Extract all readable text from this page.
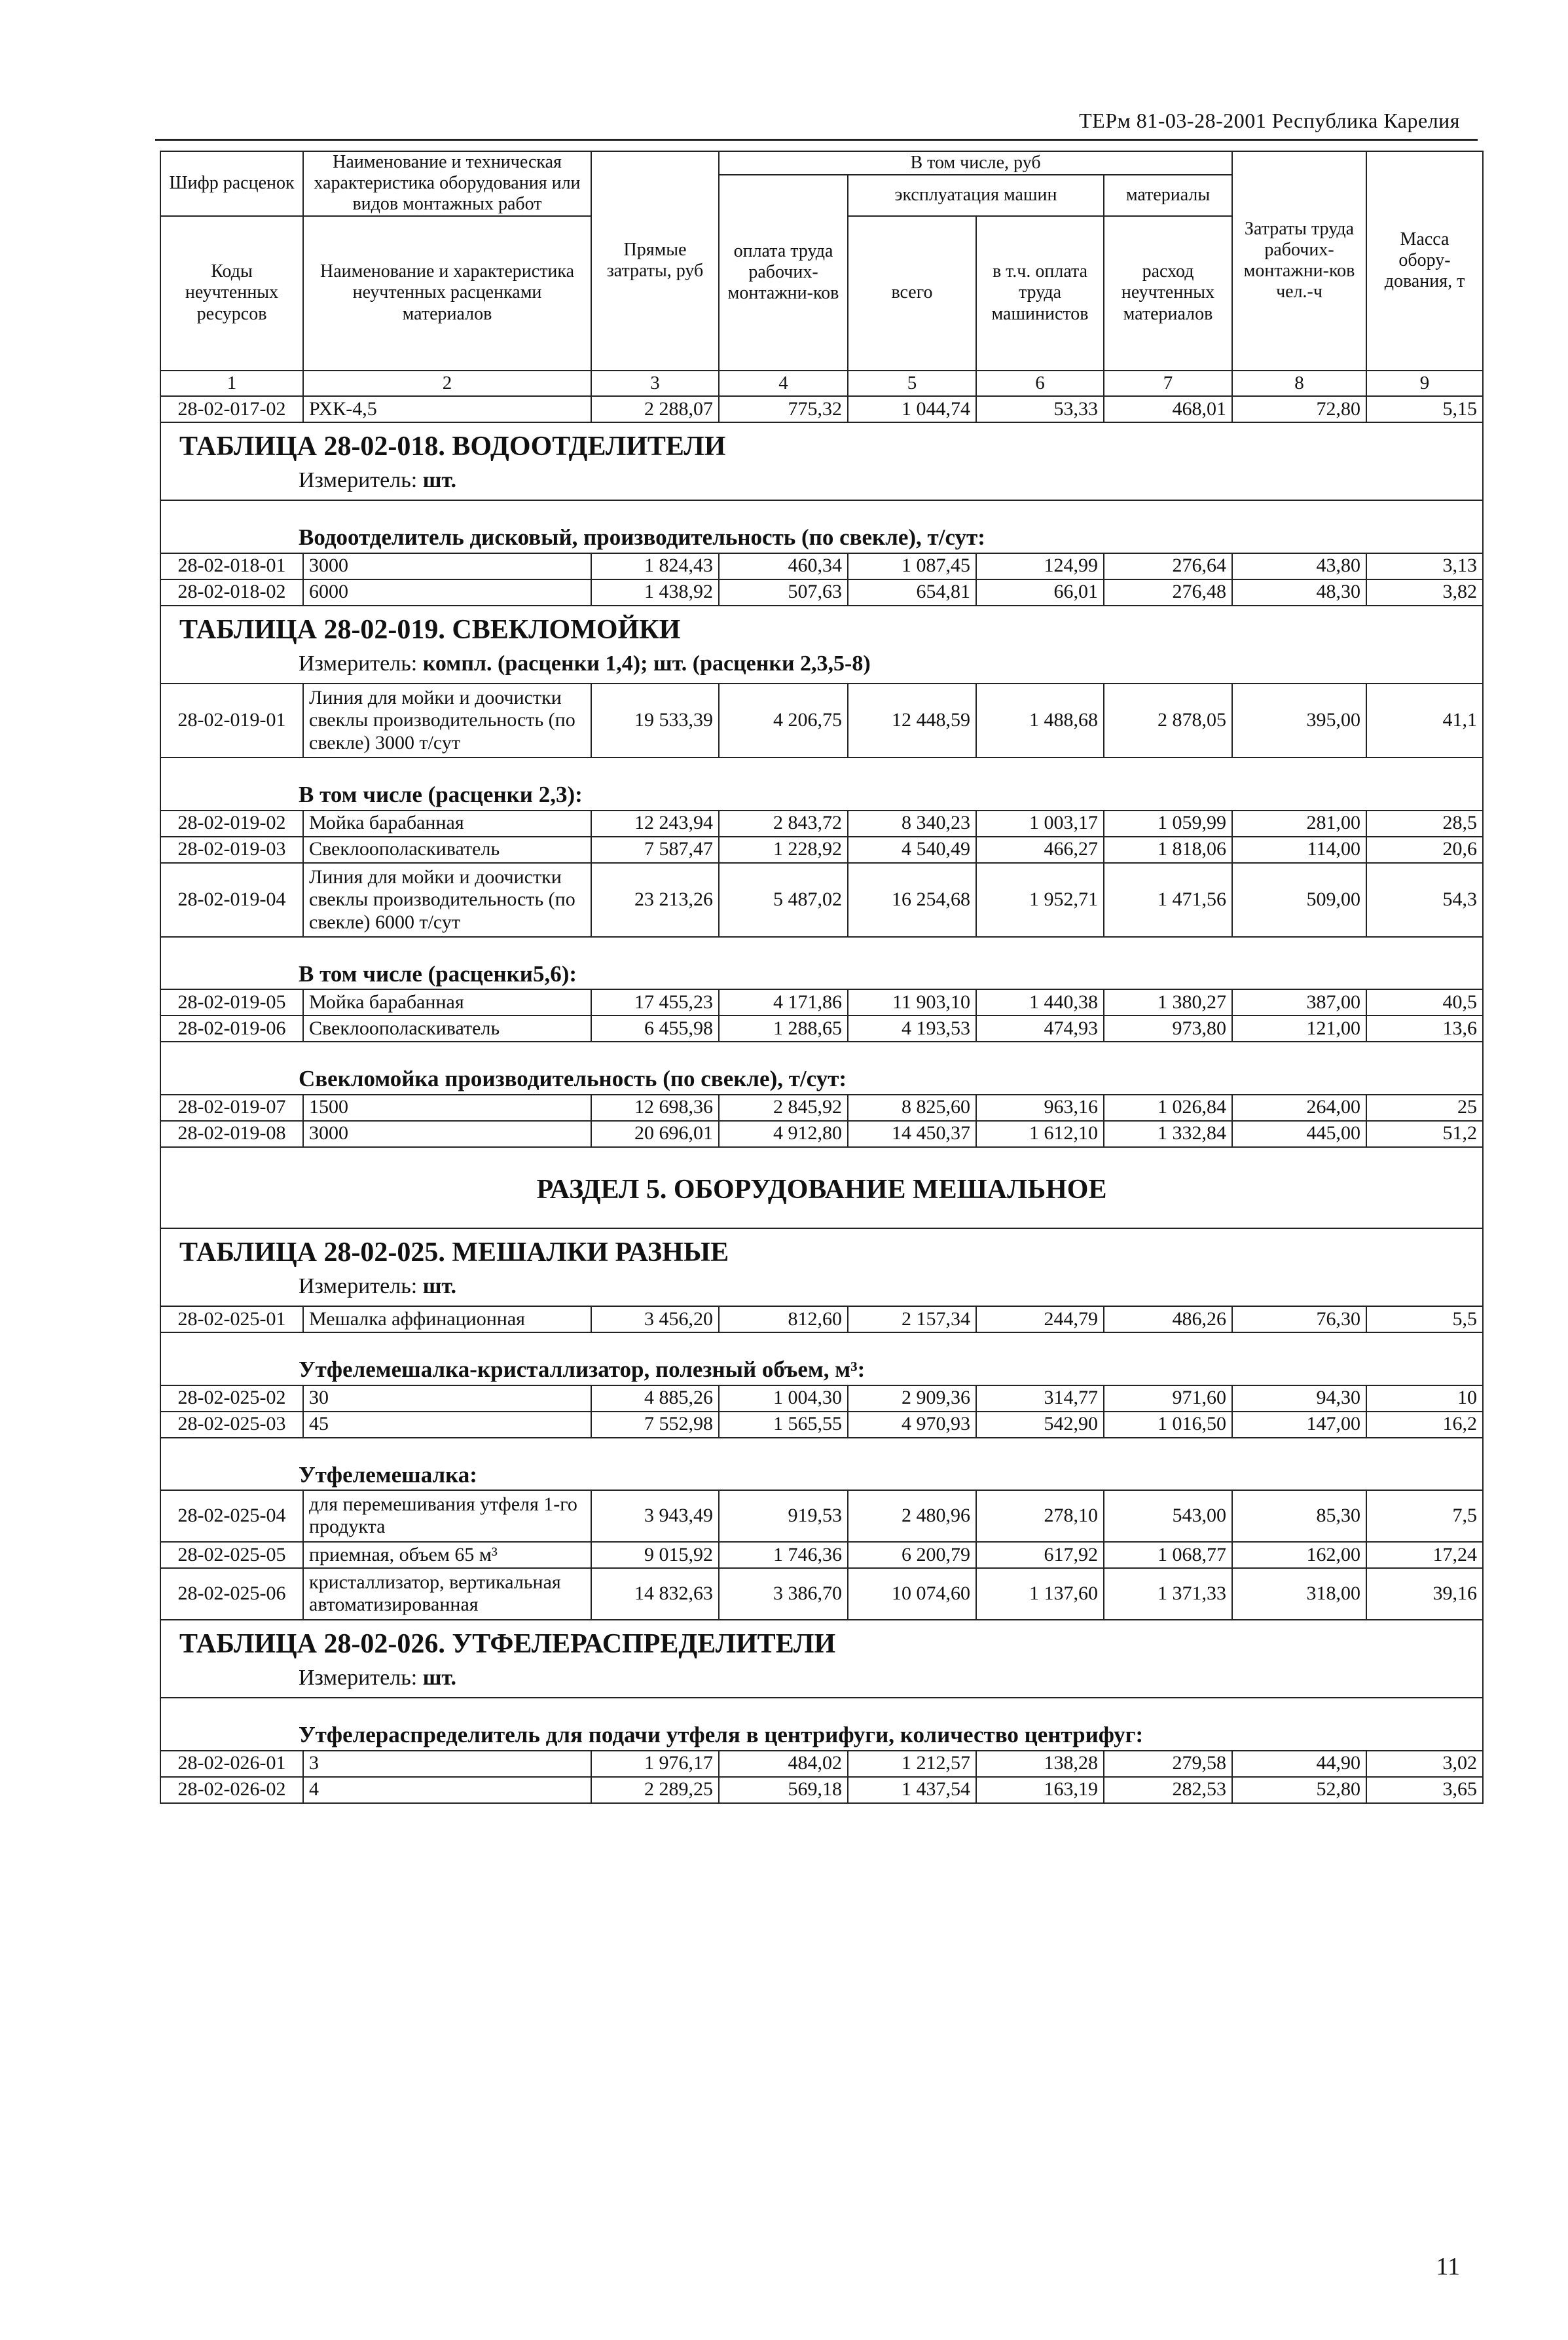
ТЕРм 81-03-28-2001 Республика Карелия
Шифр расценок	Наименование и техническая характеристика оборудования или видов монтажных работ	Прямые затраты, руб	В том числе, руб				Затраты труда рабочих-монтажни-ков чел.-ч	Масса обору-дования, т
			оплата труда рабочих-монтажни-ков	эксплуатация машин		материалы		
Коды неучтенных ресурсов	Наименование и характеристика неучтенных расценками материалов			всего	в т.ч. оплата труда машинистов	расход неучтенных материалов		

1	2	3	4	5	6	7	8	9
28-02-017-02	РХК-4,5	2 288,07	775,32	1 044,74	53,33	468,01	72,80	5,15
ТАБЛИЦА 28-02-018. ВОДООТДЕЛИТЕЛИ								
Измеритель: шт.								
Водоотделитель дисковый, производительность (по свекле), т/сут:								
28-02-018-01	3000	1 824,43	460,34	1 087,45	124,99	276,64	43,80	3,13
28-02-018-02	6000	1 438,92	507,63	654,81	66,01	276,48	48,30	3,82
ТАБЛИЦА 28-02-019. СВЕКЛОМОЙКИ								
Измеритель: компл. (расценки 1,4); шт. (расценки 2,3,5-8)								
28-02-019-01	Линия для мойки и доочистки свеклы производительность (по свекле) 3000 т/сут	19 533,39	4 206,75	12 448,59	1 488,68	2 878,05	395,00	41,1
В том числе (расценки 2,3):								
28-02-019-02	Мойка барабанная	12 243,94	2 843,72	8 340,23	1 003,17	1 059,99	281,00	28,5
28-02-019-03	Свеклоополаскиватель	7 587,47	1 228,92	4 540,49	466,27	1 818,06	114,00	20,6
28-02-019-04	Линия для мойки и доочистки свеклы производительность (по свекле) 6000 т/сут	23 213,26	5 487,02	16 254,68	1 952,71	1 471,56	509,00	54,3
В том числе (расценки5,6):								
28-02-019-05	Мойка барабанная	17 455,23	4 171,86	11 903,10	1 440,38	1 380,27	387,00	40,5
28-02-019-06	Свеклоополаскиватель	6 455,98	1 288,65	4 193,53	474,93	973,80	121,00	13,6
Свекломойка производительность (по свекле), т/сут:								
28-02-019-07	1500	12 698,36	2 845,92	8 825,60	963,16	1 026,84	264,00	25
28-02-019-08	3000	20 696,01	4 912,80	14 450,37	1 612,10	1 332,84	445,00	51,2
РАЗДЕЛ 5. ОБОРУДОВАНИЕ МЕШАЛЬНОЕ								
ТАБЛИЦА 28-02-025. МЕШАЛКИ РАЗНЫЕ								
Измеритель: шт.								
28-02-025-01	Мешалка аффинационная	3 456,20	812,60	2 157,34	244,79	486,26	76,30	5,5
Утфелемешалка-кристаллизатор, полезный объем, м³:								
28-02-025-02	30	4 885,26	1 004,30	2 909,36	314,77	971,60	94,30	10
28-02-025-03	45	7 552,98	1 565,55	4 970,93	542,90	1 016,50	147,00	16,2
Утфелемешалка:								
28-02-025-04	для перемешивания утфеля 1-го продукта	3 943,49	919,53	2 480,96	278,10	543,00	85,30	7,5
28-02-025-05	приемная, объем 65 м³	9 015,92	1 746,36	6 200,79	617,92	1 068,77	162,00	17,24
28-02-025-06	кристаллизатор, вертикальная автоматизированная	14 832,63	3 386,70	10 074,60	1 137,60	1 371,33	318,00	39,16
ТАБЛИЦА 28-02-026. УТФЕЛЕРАСПРЕДЕЛИТЕЛИ								
Измеритель: шт.								
Утфелераспределитель для подачи утфеля в центрифуги, количество центрифуг:								
28-02-026-01	3	1 976,17	484,02	1 212,57	138,28	279,58	44,90	3,02
28-02-026-02	4	2 289,25	569,18	1 437,54	163,19	282,53	52,80	3,65
11
